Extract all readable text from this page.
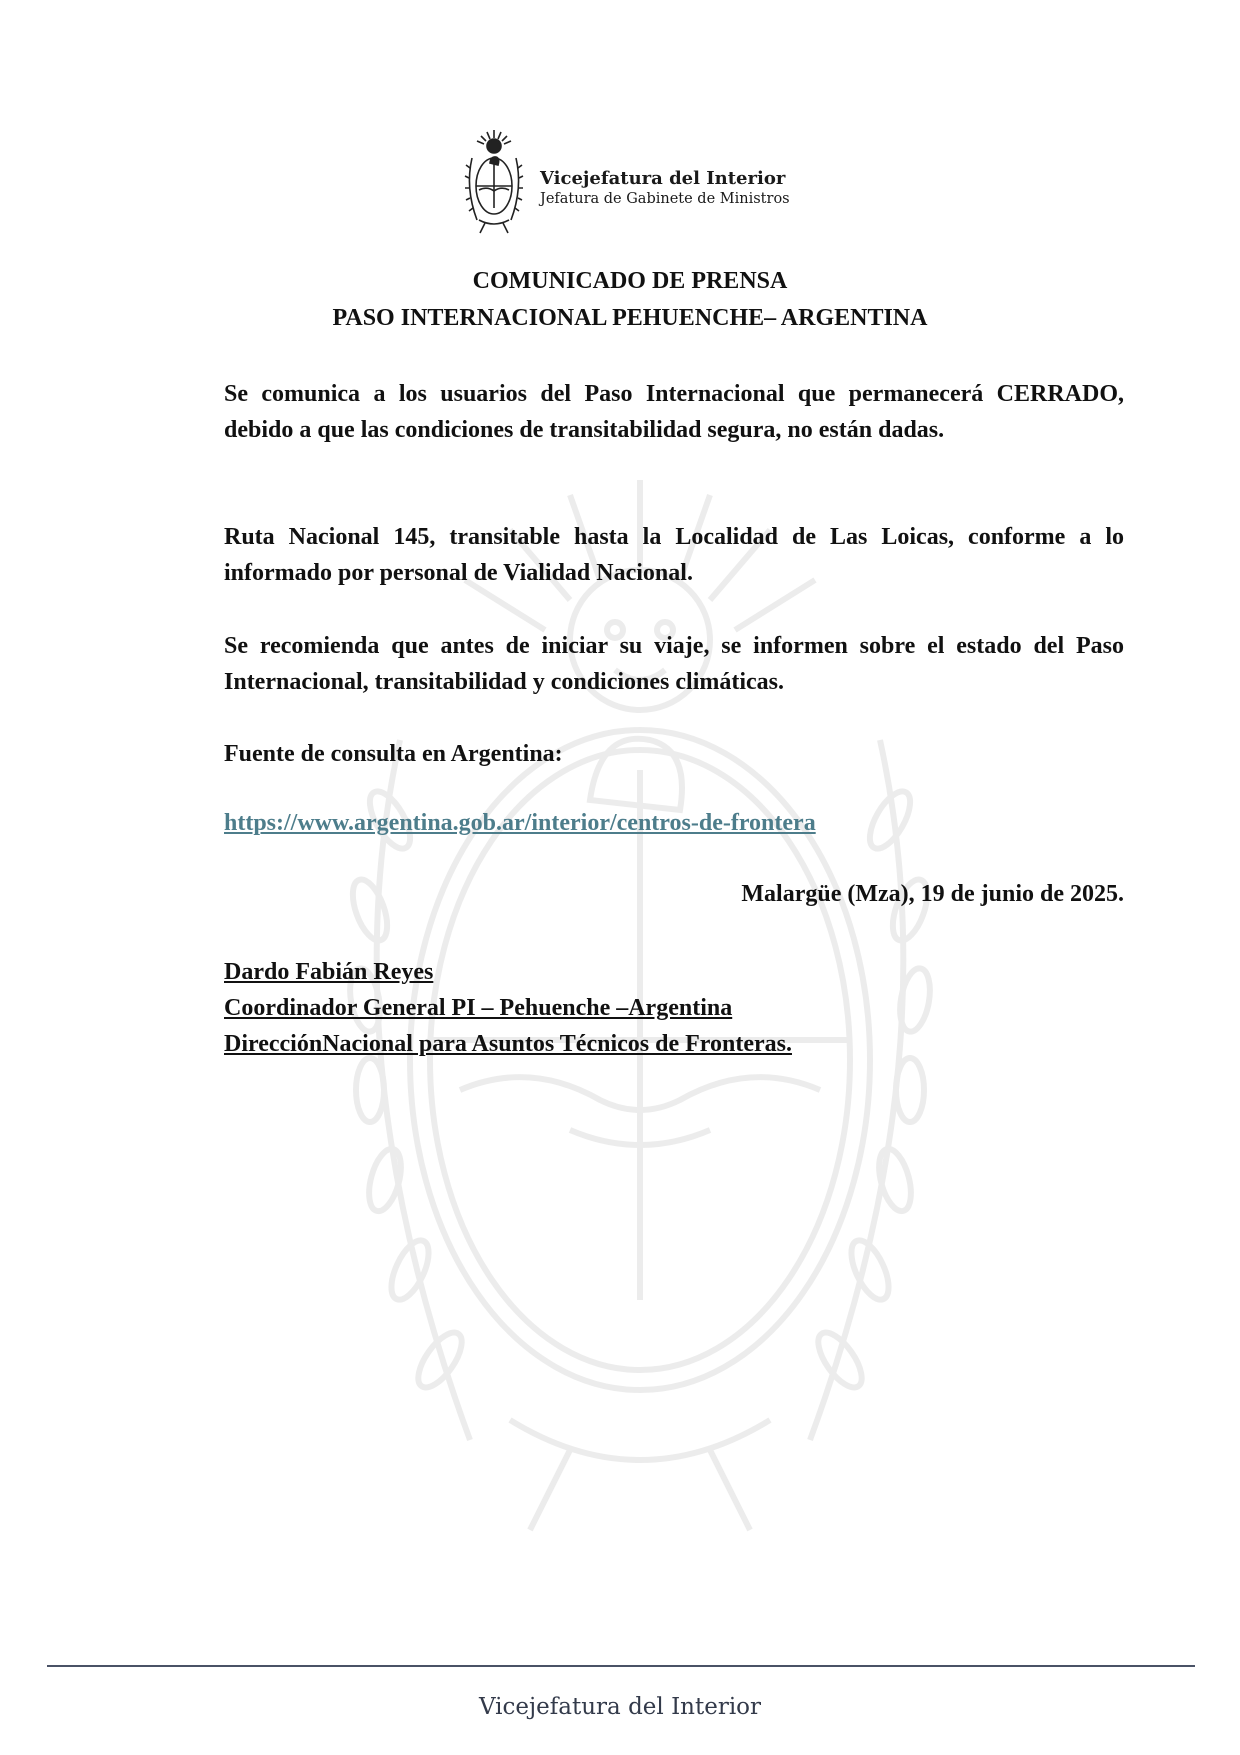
Vicejefatura del Interior
Jefatura de Gabinete de Ministros
COMUNICADO DE PRENSA
PASO INTERNACIONAL PEHUENCHE– ARGENTINA

Se comunica a los usuarios del Paso Internacional que permanecerá CERRADO, debido a que las condiciones de transitabilidad segura, no están dadas.

Ruta Nacional 145, transitable hasta la Localidad de Las Loicas, conforme a lo informado por personal de Vialidad Nacional.

Se recomienda que antes de iniciar su viaje, se informen sobre el estado del Paso Internacional, transitabilidad y condiciones climáticas.

Fuente de consulta en Argentina:

https://www.argentina.gob.ar/interior/centros-de-frontera
Malargüe (Mza), 19 de junio de 2025.
Dardo Fabián Reyes
Coordinador General PI – Pehuenche –Argentina
DirecciónNacional para Asuntos Técnicos de Fronteras.
Vicejefatura del Interior
